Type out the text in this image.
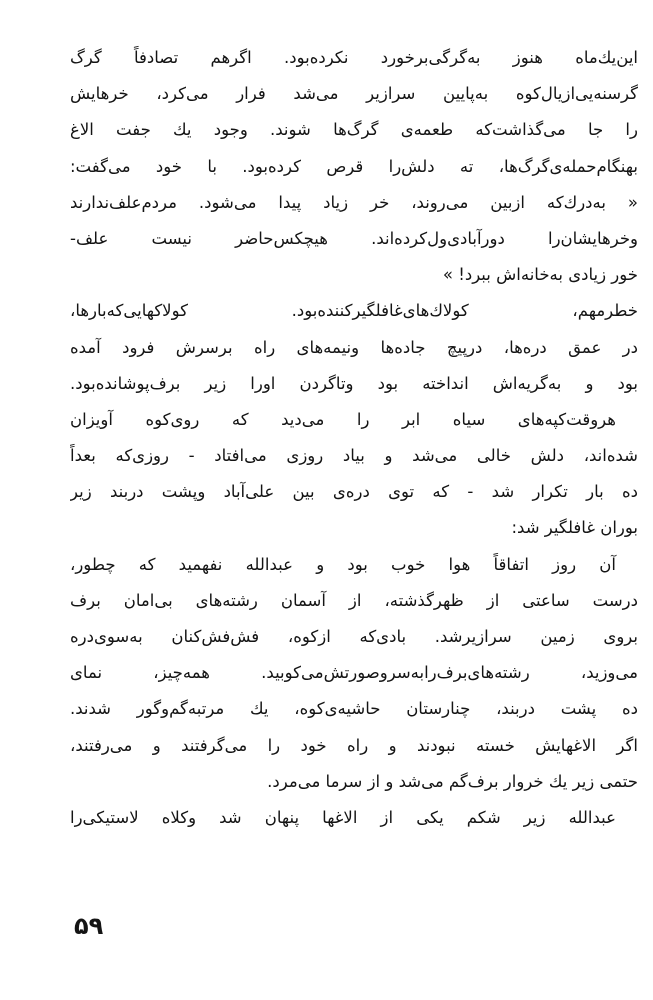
این‌یك‌ماه هنوز به‌گرگی‌برخورد نکرده‌بود. اگرهم تصادفاً گرگ
گرسنه‌یی‌ازیال‌کوه به‌پایین سرازیر می‌شد فرار می‌کرد، خرهایش
را جا می‌گذاشت‌که طعمه‌ی گرگ‌ها شوند. وجود یك جفت الاغ
بهنگام‌حمله‌ی‌گرگ‌ها، ته دلش‌را قرص کرده‌بود. با خود می‌گفت:
« به‌درك‌كه ازبین می‌روند، خر زیاد پیدا می‌شود. مردم‌علف‌ندارند
وخرهایشان‌را دورآبادی‌ول‌کرده‌اند. هیچکس‌حاضر نیست علف-
خور زیادی به‌خانه‌اش ببرد! »
خطرمهم، کولاك‌های‌غافلگیرکننده‌بود. کولاکهایی‌که‌بارها،
در عمق دره‌ها، درپیچ جاده‌ها ونیمه‌های راه برسرش فرود آمده
بود و به‌گریه‌اش انداخته بود وتاگردن اورا زیر برف‌پوشانده‌بود.
هروقت‌کپه‌های سیاه ابر را می‌دید که روی‌کوه آویزان
شده‌اند، دلش خالی می‌شد و بیاد روزی می‌افتاد - روزی‌که بعداً
ده بار تکرار شد - که توی دره‌ی بین علی‌آباد وپشت دربند زیر
بوران غافلگیر شد:
آن روز اتفاقاً هوا خوب بود و عبدالله نفهمید که چطور،
درست ساعتی از ظهرگذشته، از آسمان رشته‌های بی‌امان برف
بروی زمین سرازیرشد. بادی‌که ازکوه، فش‌فش‌کنان به‌سوی‌دره
می‌وزید، رشته‌های‌برف‌رابه‌سروصورتش‌می‌کوبید. همه‌چیز، نمای
ده پشت دربند، چنارستان حاشیه‌ی‌کوه، یك مرتبه‌گم‌وگور شدند.
اگر الاغهایش خسته نبودند و راه خود را می‌گرفتند و می‌رفتند،
حتمی زیر یك خروار برف‌گم می‌شد و از سرما می‌مرد.
عبدالله زیر شکم یکی از الاغها پنهان شد وکلاه لاستیکی‌را
۵۹
